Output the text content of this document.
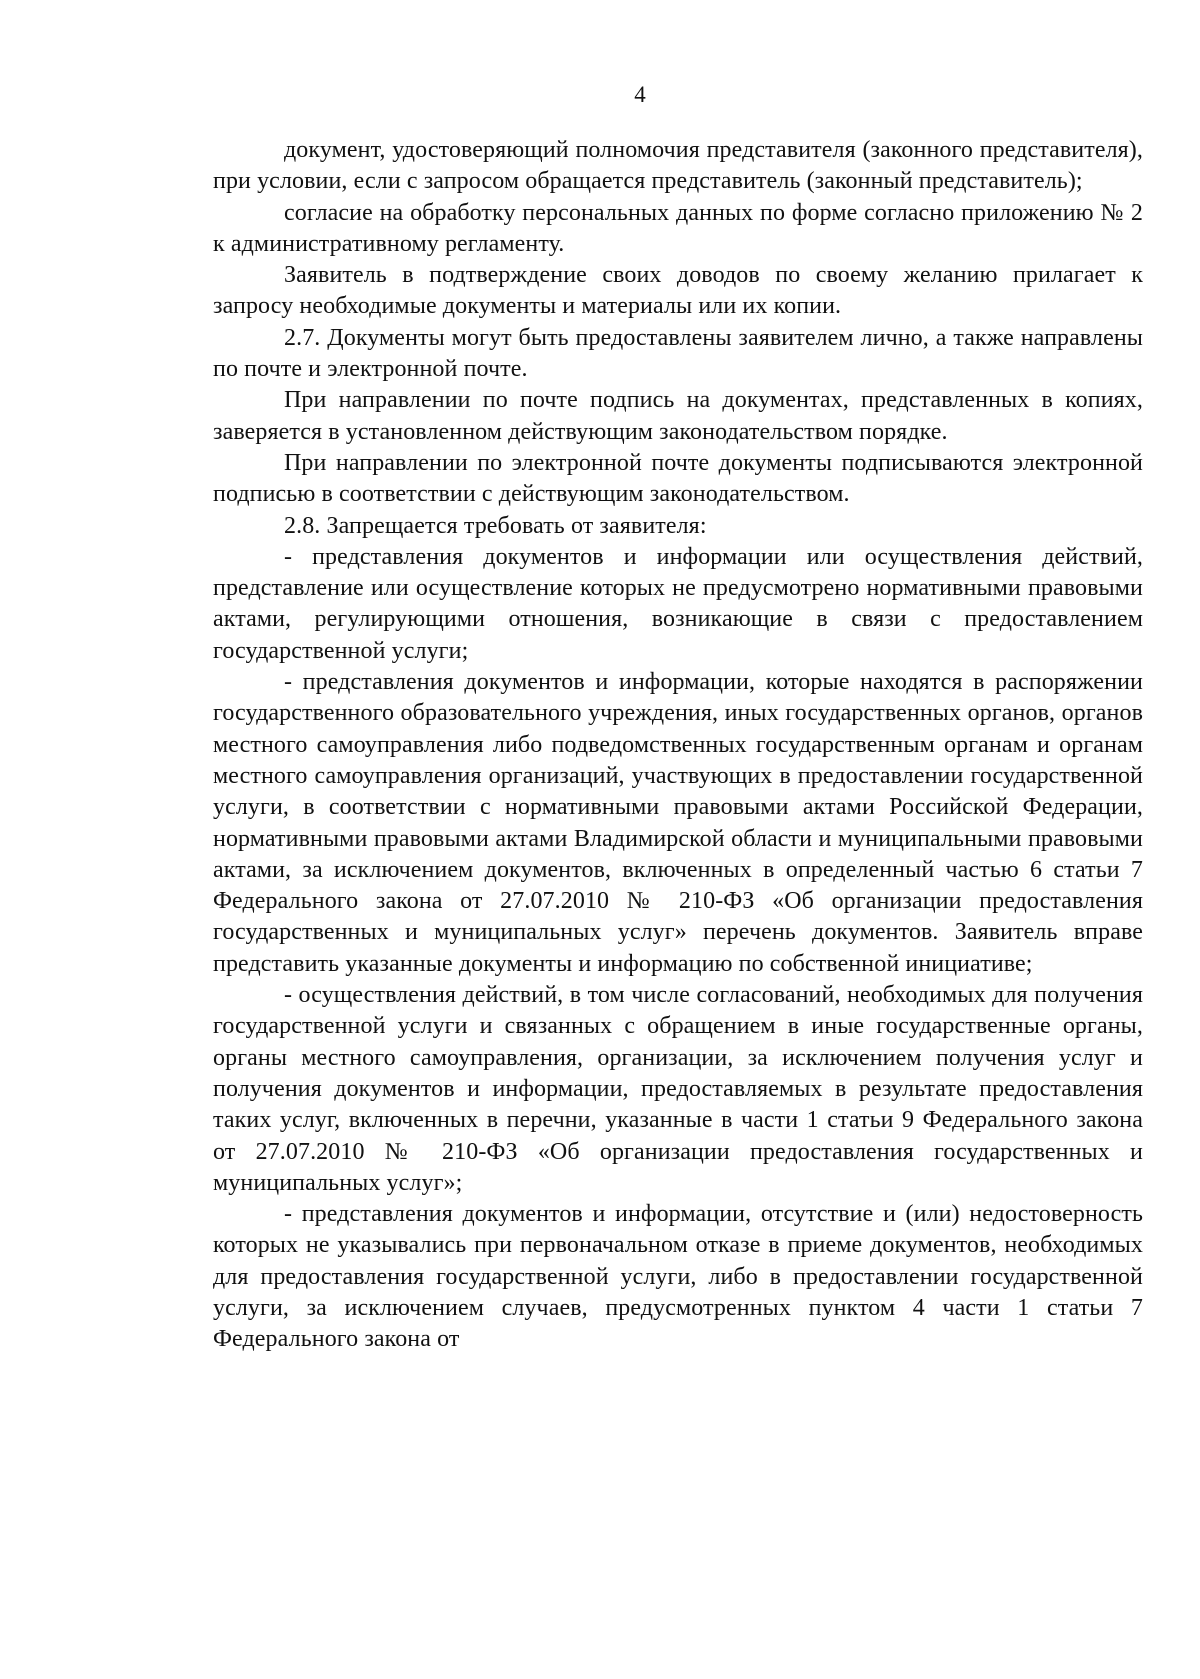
4

документ, удостоверяющий полномочия представителя (законного представителя), при условии, если с запросом обращается представитель (законный представитель);

согласие на обработку персональных данных по форме согласно приложению № 2 к административному регламенту.

Заявитель в подтверждение своих доводов по своему желанию прилагает к запросу необходимые документы и материалы или их копии.

2.7. Документы могут быть предоставлены заявителем лично, а также направлены по почте и электронной почте.

При направлении по почте подпись на документах, представленных в копиях, заверяется в установленном действующим законодательством порядке.

При направлении по электронной почте документы подписываются электронной подписью в соответствии с действующим законодательством.

2.8. Запрещается требовать от заявителя:

- представления документов и информации или осуществления действий, представление или осуществление которых не предусмотрено нормативными правовыми актами, регулирующими отношения, возникающие в связи с предоставлением государственной услуги;

- представления документов и информации, которые находятся в распоряжении государственного образовательного учреждения, иных государственных органов, органов местного самоуправления либо подведомственных государственным органам и органам местного самоуправления организаций, участвующих в предоставлении государственной услуги, в соответствии с нормативными правовыми актами Российской Федерации, нормативными правовыми актами Владимирской области и муниципальными правовыми актами, за исключением документов, включенных в определенный частью 6 статьи 7 Федерального закона от 27.07.2010 № 210-ФЗ «Об организации предоставления государственных и муниципальных услуг» перечень документов. Заявитель вправе представить указанные документы и информацию по собственной инициативе;

- осуществления действий, в том числе согласований, необходимых для получения государственной услуги и связанных с обращением в иные государственные органы, органы местного самоуправления, организации, за исключением получения услуг и получения документов и информации, предоставляемых в результате предоставления таких услуг, включенных в перечни, указанные в части 1 статьи 9 Федерального закона от 27.07.2010 № 210-ФЗ «Об организации предоставления государственных и муниципальных услуг»;

- представления документов и информации, отсутствие и (или) недостоверность которых не указывались при первоначальном отказе в приеме документов, необходимых для предоставления государственной услуги, либо в предоставлении государственной услуги, за исключением случаев, предусмотренных пунктом 4 части 1 статьи 7 Федерального закона от
